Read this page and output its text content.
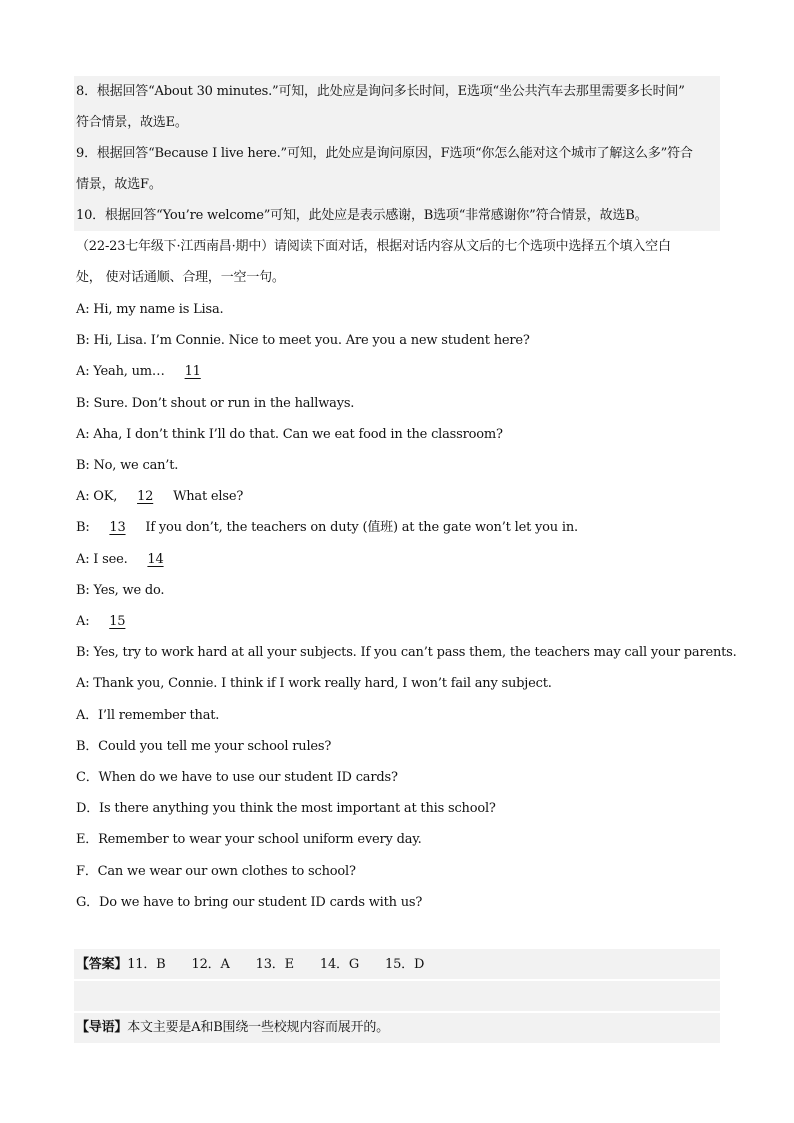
8．根据回答“About 30 minutes.”可知，此处应是询问多长时间，E选项“坐公共汽车去那里需要多长时间”
符合情景，故选E。
9．根据回答“Because I live here.”可知，此处应是询问原因，F选项“你怎么能对这个城市了解这么多”符合
情景，故选F。
10．根据回答“You’re welcome”可知，此处应是表示感谢，B选项“非常感谢你”符合情景，故选B。
（22-23七年级下·江西南昌·期中）请阅读下面对话，根据对话内容从文后的七个选项中选择五个填入空白
处， 使对话通顺、合理，一空一句。
A: Hi, my name is Lisa.
B: Hi, Lisa. I’m Connie. Nice to meet you. Are you a new student here?
A: Yeah, um… 11
B: Sure. Don’t shout or run in the hallways.
A: Aha, I don’t think I’ll do that. Can we eat food in the classroom?
B: No, we can’t.
A: OK, 12 What else?
B: 13 If you don’t, the teachers on duty (值班) at the gate won’t let you in.
A: I see. 14
B: Yes, we do.
A: 15
B: Yes, try to work hard at all your subjects. If you can’t pass them, the teachers may call your parents.
A: Thank you, Connie. I think if I work really hard, I won’t fail any subject.
A．I’ll remember that.
B．Could you tell me your school rules?
C．When do we have to use our student ID cards?
D．Is there anything you think the most important at this school?
E．Remember to wear your school uniform every day.
F．Can we wear our own clothes to school?
G．Do we have to bring our student ID cards with us?
【答案】11．B 12．A 13．E 14．G 15．D
【导语】本文主要是A和B围绕一些校规内容而展开的。
